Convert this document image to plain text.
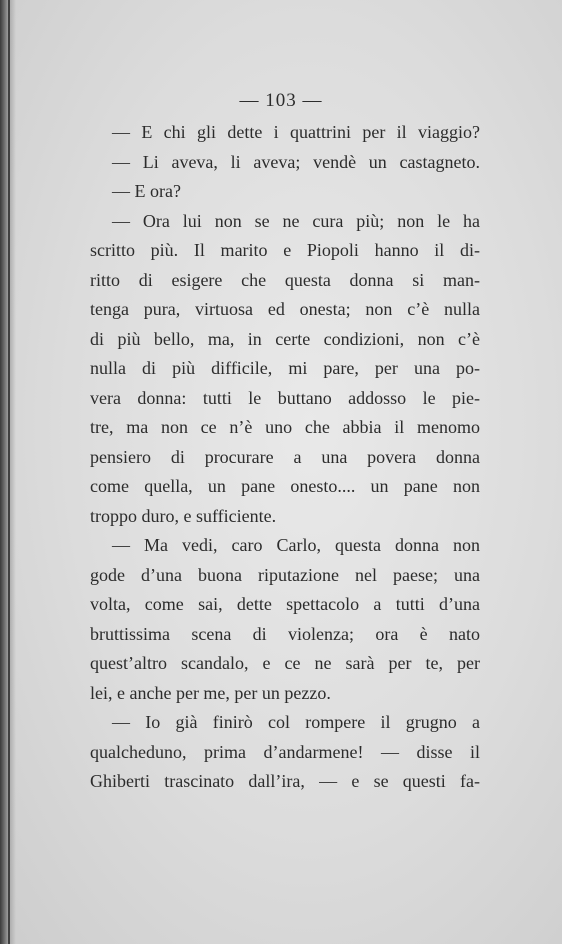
— 103 —
— E chi gli dette i quattrini per il viaggio?
— Li aveva, li aveva; vendè un castagneto.
— E ora?
— Ora lui non se ne cura più; non le ha
scritto più. Il marito e Piopoli hanno il di-
ritto di esigere che questa donna si man-
tenga pura, virtuosa ed onesta; non c’è nulla
di più bello, ma, in certe condizioni, non c’è
nulla di più difficile, mi pare, per una po-
vera donna: tutti le buttano addosso le pie-
tre, ma non ce n’è uno che abbia il menomo
pensiero di procurare a una povera donna
come quella, un pane onesto.... un pane non
troppo duro, e sufficiente.
— Ma vedi, caro Carlo, questa donna non
gode d’una buona riputazione nel paese; una
volta, come sai, dette spettacolo a tutti d’una
bruttissima scena di violenza; ora è nato
quest’altro scandalo, e ce ne sarà per te, per
lei, e anche per me, per un pezzo.
— Io già finirò col rompere il grugno a
qualcheduno, prima d’andarmene! — disse il
Ghiberti trascinato dall’ira, — e se questi fa-
